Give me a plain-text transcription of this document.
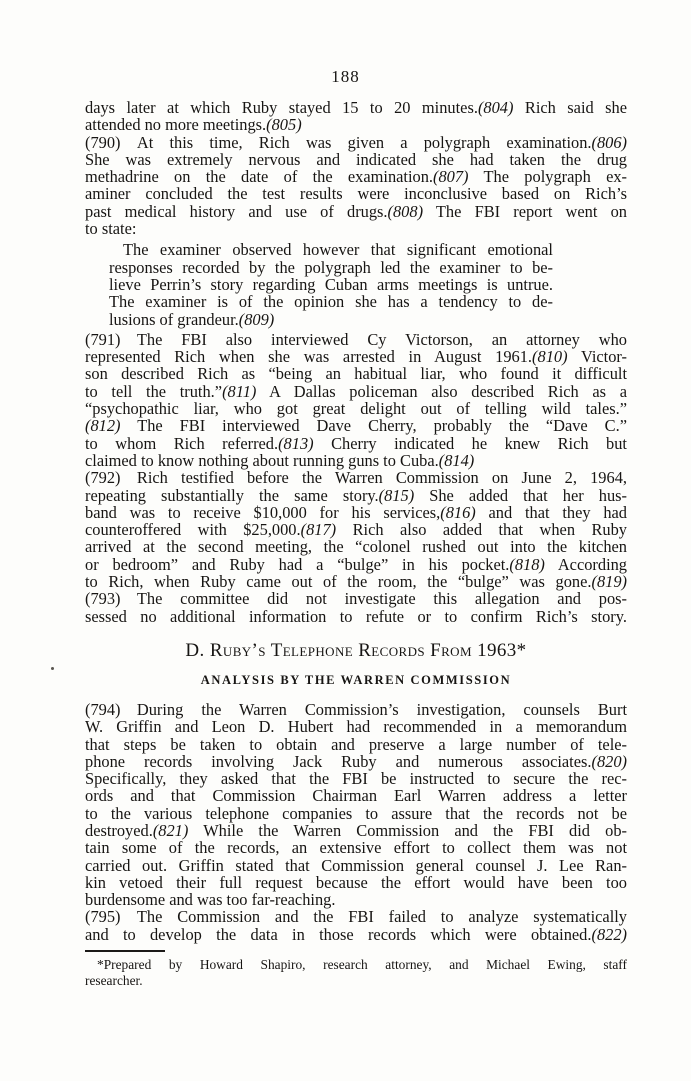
188
days later at which Ruby stayed 15 to 20 minutes.(804) Rich said she
attended no more meetings.(805)
(790) At this time, Rich was given a polygraph examination.(806)
She was extremely nervous and indicated she had taken the drug
methadrine on the date of the examination.(807) The polygraph ex-
aminer concluded the test results were inconclusive based on Rich’s
past medical history and use of drugs.(808) The FBI report went on
to state:
The examiner observed however that significant emotional
responses recorded by the polygraph led the examiner to be-
lieve Perrin’s story regarding Cuban arms meetings is untrue.
The examiner is of the opinion she has a tendency to de-
lusions of grandeur.(809)
(791) The FBI also interviewed Cy Victorson, an attorney who
represented Rich when she was arrested in August 1961.(810) Victor-
son described Rich as “being an habitual liar, who found it difficult
to tell the truth.”(811) A Dallas policeman also described Rich as a
“psychopathic liar, who got great delight out of telling wild tales.”
(812) The FBI interviewed Dave Cherry, probably the “Dave C.”
to whom Rich referred.(813) Cherry indicated he knew Rich but
claimed to know nothing about running guns to Cuba.(814)
(792) Rich testified before the Warren Commission on June 2, 1964,
repeating substantially the same story.(815) She added that her hus-
band was to receive $10,000 for his services,(816) and that they had
counteroffered with $25,000.(817) Rich also added that when Ruby
arrived at the second meeting, the “colonel rushed out into the kitchen
or bedroom” and Ruby had a “bulge” in his pocket.(818) According
to Rich, when Ruby came out of the room, the “bulge” was gone.(819)
(793) The committee did not investigate this allegation and pos-
sessed no additional information to refute or to confirm Rich’s story.
D. Ruby’s Telephone Records From 1963*
ANALYSIS BY THE WARREN COMMISSION
(794) During the Warren Commission’s investigation, counsels Burt
W. Griffin and Leon D. Hubert had recommended in a memorandum
that steps be taken to obtain and preserve a large number of tele-
phone records involving Jack Ruby and numerous associates.(820)
Specifically, they asked that the FBI be instructed to secure the rec-
ords and that Commission Chairman Earl Warren address a letter
to the various telephone companies to assure that the records not be
destroyed.(821) While the Warren Commission and the FBI did ob-
tain some of the records, an extensive effort to collect them was not
carried out. Griffin stated that Commission general counsel J. Lee Ran-
kin vetoed their full request because the effort would have been too
burdensome and was too far-reaching.
(795) The Commission and the FBI failed to analyze systematically
and to develop the data in those records which were obtained.(822)
*Prepared by Howard Shapiro, research attorney, and Michael Ewing, staff
researcher.
